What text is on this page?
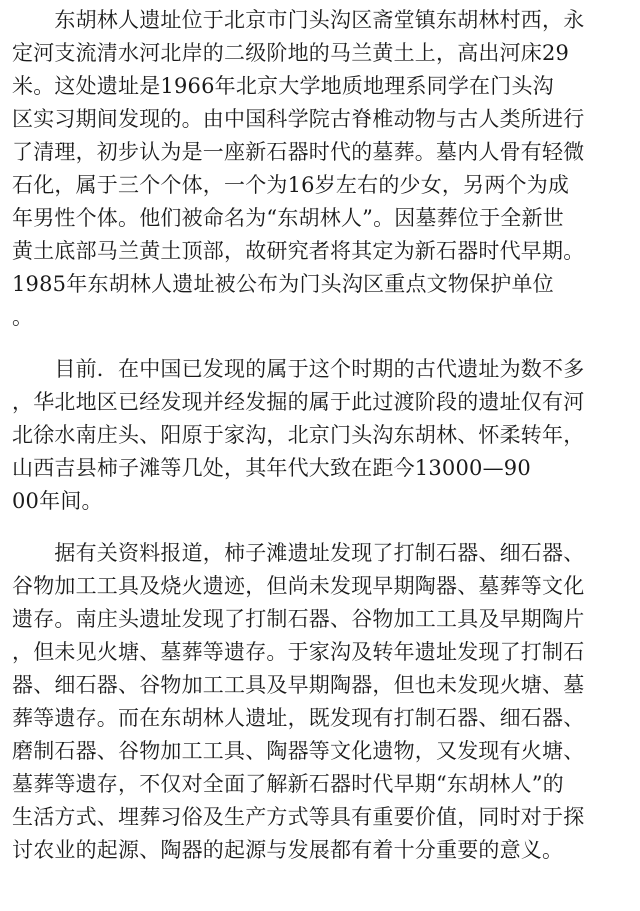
　　东胡林人遗址位于北京市门头沟区斋堂镇东胡林村西，永
定河支流清水河北岸的二级阶地的马兰黄土上，高出河床29
米。这处遗址是1966年北京大学地质地理系同学在门头沟
区实习期间发现的。由中国科学院古脊椎动物与古人类所进行
了清理，初步认为是一座新石器时代的墓葬。墓内人骨有轻微
石化，属于三个个体，一个为16岁左右的少女，另两个为成
年男性个体。他们被命名为“东胡林人”。因墓葬位于全新世
黄土底部马兰黄土顶部，故研究者将其定为新石器时代早期。
1985年东胡林人遗址被公布为门头沟区重点文物保护单位
。
　　目前．在中国已发现的属于这个时期的古代遗址为数不多
，华北地区已经发现并经发掘的属于此过渡阶段的遗址仅有河
北徐水南庄头、阳原于家沟，北京门头沟东胡林、怀柔转年，
山西吉县柿子滩等几处，其年代大致在距今13000—90
00年间。
　　据有关资料报道，柿子滩遗址发现了打制石器、细石器、
谷物加工工具及烧火遗迹，但尚未发现早期陶器、墓葬等文化
遗存。南庄头遗址发现了打制石器、谷物加工工具及早期陶片
，但未见火塘、墓葬等遗存。于家沟及转年遗址发现了打制石
器、细石器、谷物加工工具及早期陶器，但也未发现火塘、墓
葬等遗存。而在东胡林人遗址，既发现有打制石器、细石器、
磨制石器、谷物加工工具、陶器等文化遗物，又发现有火塘、
墓葬等遗存，不仅对全面了解新石器时代早期“东胡林人”的
生活方式、埋葬习俗及生产方式等具有重要价值，同时对于探
讨农业的起源、陶器的起源与发展都有着十分重要的意义。
